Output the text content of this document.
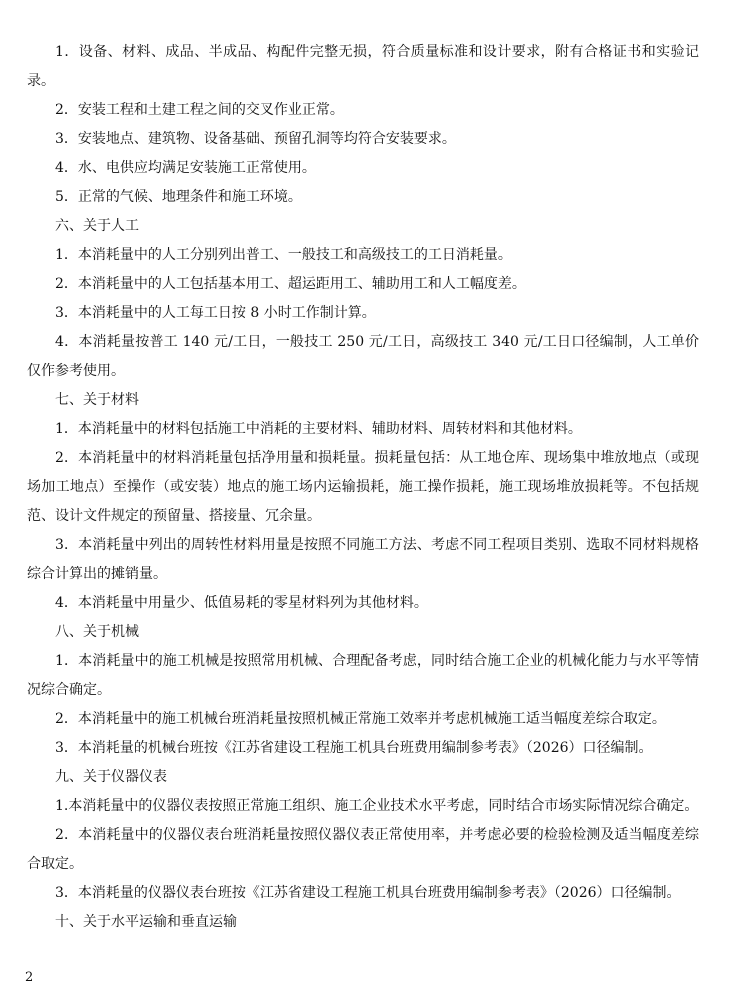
1．设备、材料、成品、半成品、构配件完整无损，符合质量标准和设计要求，附有合格证书和实验记录。

2．安装工程和土建工程之间的交叉作业正常。

3．安装地点、建筑物、设备基础、预留孔洞等均符合安装要求。

4．水、电供应均满足安装施工正常使用。

5．正常的气候、地理条件和施工环境。

六、关于人工

1．本消耗量中的人工分别列出普工、一般技工和高级技工的工日消耗量。

2．本消耗量中的人工包括基本用工、超运距用工、辅助用工和人工幅度差。

3．本消耗量中的人工每工日按 8 小时工作制计算。

4．本消耗量按普工 140 元/工日，一般技工 250 元/工日，高级技工 340 元/工日口径编制，人工单价仅作参考使用。

七、关于材料

1．本消耗量中的材料包括施工中消耗的主要材料、辅助材料、周转材料和其他材料。

2．本消耗量中的材料消耗量包括净用量和损耗量。损耗量包括：从工地仓库、现场集中堆放地点（或现场加工地点）至操作（或安装）地点的施工场内运输损耗，施工操作损耗，施工现场堆放损耗等。不包括规范、设计文件规定的预留量、搭接量、冗余量。

3．本消耗量中列出的周转性材料用量是按照不同施工方法、考虑不同工程项目类别、选取不同材料规格综合计算出的摊销量。

4．本消耗量中用量少、低值易耗的零星材料列为其他材料。

八、关于机械

1．本消耗量中的施工机械是按照常用机械、合理配备考虑，同时结合施工企业的机械化能力与水平等情况综合确定。

2．本消耗量中的施工机械台班消耗量按照机械正常施工效率并考虑机械施工适当幅度差综合取定。

3．本消耗量的机械台班按《江苏省建设工程施工机具台班费用编制参考表》（2026）口径编制。

九、关于仪器仪表

1.本消耗量中的仪器仪表按照正常施工组织、施工企业技术水平考虑，同时结合市场实际情况综合确定。

2．本消耗量中的仪器仪表台班消耗量按照仪器仪表正常使用率，并考虑必要的检验检测及适当幅度差综合取定。

3．本消耗量的仪器仪表台班按《江苏省建设工程施工机具台班费用编制参考表》（2026）口径编制。

十、关于水平运输和垂直运输

2
